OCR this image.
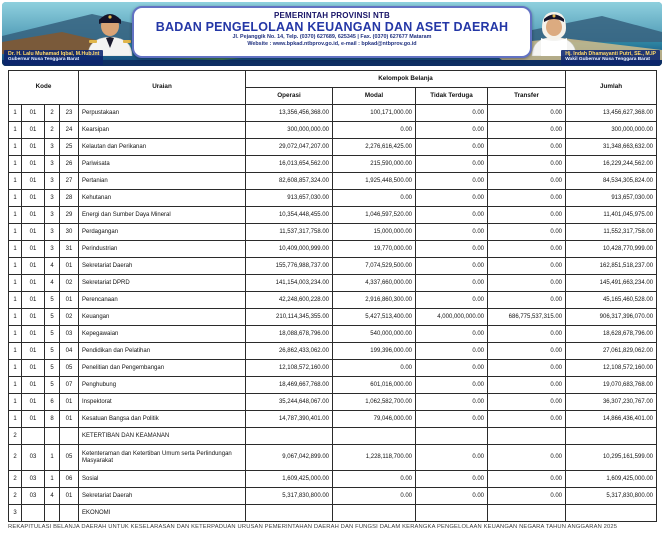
Dr. H. Lalu Muhamad Iqbal, M.Hub.Int
Gubernur Nusa Tenggara Barat
Hj. Indah Dhamayanti Putri, SE., M.IP
Wakil Gubernur Nusa Tenggara Barat
PEMERINTAH PROVINSI NTB
BADAN PENGELOLAAN KEUANGAN DAN ASET DAERAH
Jl. Pejanggik No. 14, Telp. (0370) 627689, 625345 | Fax. (0370) 627677 Mataram
Website : www.bpkad.ntbprov.go.id, e-mail : bpkad@ntbprov.go.id
Kode				Uraian	Kelompok Belanja				Jumlah
					Operasi	Modal	Tidak Terduga	Transfer	
1	01	2	23	Perpustakaan	13,356,456,368.00	100,171,000.00	0.00	0.00	13,456,627,368.00
1	01	2	24	Kearsipan	300,000,000.00	0.00	0.00	0.00	300,000,000.00
1	01	3	25	Kelautan dan Perikanan	29,072,047,207.00	2,276,616,425.00	0.00	0.00	31,348,663,632.00
1	01	3	26	Pariwisata	16,013,654,562.00	215,590,000.00	0.00	0.00	16,229,244,562.00
1	01	3	27	Pertanian	82,608,857,324.00	1,925,448,500.00	0.00	0.00	84,534,305,824.00
1	01	3	28	Kehutanan	913,657,030.00	0.00	0.00	0.00	913,657,030.00
1	01	3	29	Energi dan Sumber Daya Mineral	10,354,448,455.00	1,046,597,520.00	0.00	0.00	11,401,045,975.00
1	01	3	30	Perdagangan	11,537,317,758.00	15,000,000.00	0.00	0.00	11,552,317,758.00
1	01	3	31	Perindustrian	10,409,000,999.00	19,770,000.00	0.00	0.00	10,428,770,999.00
1	01	4	01	Sekretariat Daerah	155,776,988,737.00	7,074,529,500.00	0.00	0.00	162,851,518,237.00
1	01	4	02	Sekretariat DPRD	141,154,003,234.00	4,337,660,000.00	0.00	0.00	145,491,663,234.00
1	01	5	01	Perencanaan	42,248,600,228.00	2,916,860,300.00	0.00	0.00	45,165,460,528.00
1	01	5	02	Keuangan	210,114,345,355.00	5,427,513,400.00	4,000,000,000.00	686,775,537,315.00	906,317,396,070.00
1	01	5	03	Kepegawaian	18,088,678,796.00	540,000,000.00	0.00	0.00	18,628,678,796.00
1	01	5	04	Pendidikan dan Pelatihan	26,862,433,062.00	199,396,000.00	0.00	0.00	27,061,829,062.00
1	01	5	05	Penelitian dan Pengembangan	12,108,572,160.00	0.00	0.00	0.00	12,108,572,160.00
1	01	5	07	Penghubung	18,469,667,768.00	601,016,000.00	0.00	0.00	19,070,683,768.00
1	01	6	01	Inspektorat	35,244,648,067.00	1,062,582,700.00	0.00	0.00	36,307,230,767.00
1	01	8	01	Kesatuan Bangsa dan Politik	14,787,390,401.00	79,046,000.00	0.00	0.00	14,866,436,401.00
2				KETERTIBAN DAN KEAMANAN					
2	03	1	05	Ketenteraman dan Ketertiban Umum serta Perlindungan Masyarakat	9,067,042,899.00	1,228,118,700.00	0.00	0.00	10,295,161,599.00
2	03	1	06	Sosial	1,609,425,000.00	0.00	0.00	0.00	1,609,425,000.00
2	03	4	01	Sekretariat Daerah	5,317,830,800.00	0.00	0.00	0.00	5,317,830,800.00
3				EKONOMI					
REKAPITULASI BELANJA DAERAH UNTUK KESELARASAN DAN KETERPADUAN URUSAN PEMERINTAHAN DAERAH DAN FUNGSI DALAM KERANGKA PENGELOLAAN KEUANGAN NEGARA TAHUN ANGGARAN 2025
